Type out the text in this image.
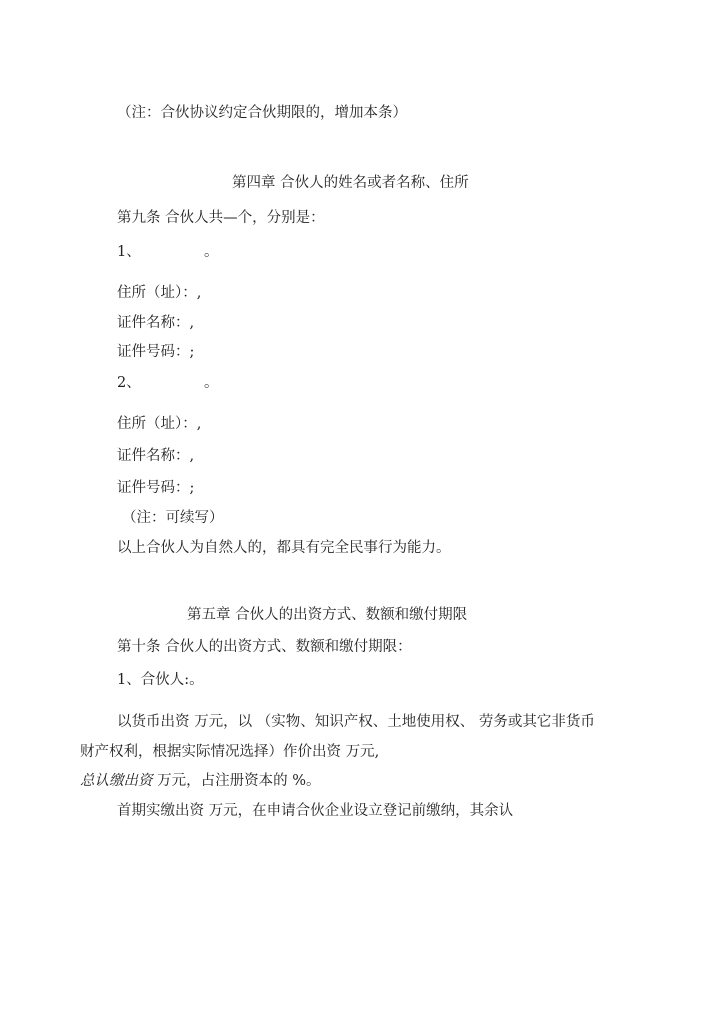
（注：合伙协议约定合伙期限的，增加本条）
第四章 合伙人的姓名或者名称、住所
第九条 合伙人共—个，分别是：
1、	。
住所（址）：,
证件名称：,
证件号码：;
2、	。
住所（址）：,
证件名称：,
证件号码：;
（注：可续写）
以上合伙人为自然人的，都具有完全民事行为能力。
第五章 合伙人的出资方式、数额和缴付期限
第十条 合伙人的出资方式、数额和缴付期限：
1、合伙人:。
以货币出资 万元，以 （实物、知识产权、土地使用权、 劳务或其它非货币
财产权利，根据实际情况选择）作价出资 万元,
总认缴出资 万元，占注册资本的 %。
首期实缴出资 万元，在申请合伙企业设立登记前缴纳，其余认
